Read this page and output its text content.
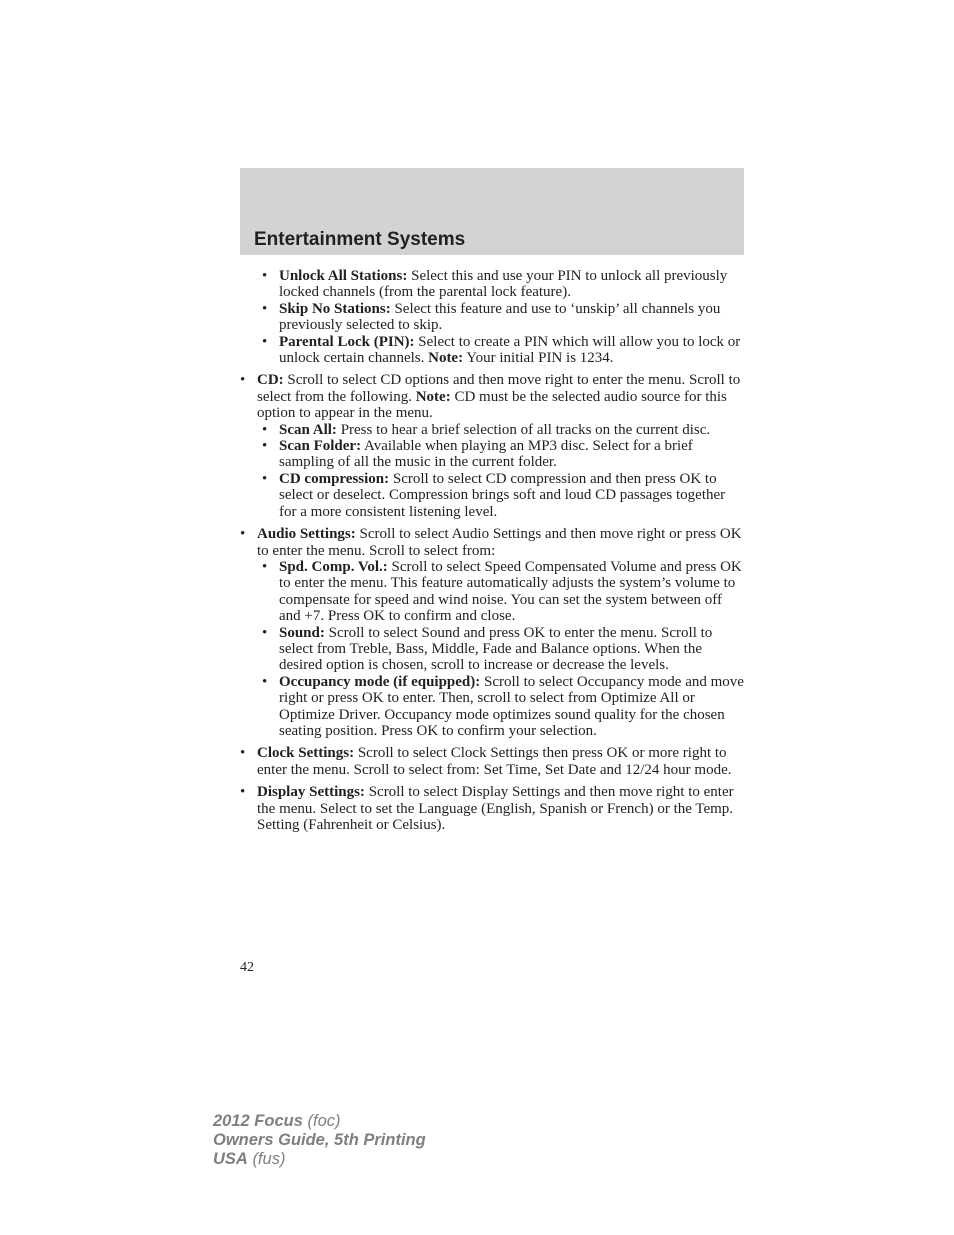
Entertainment Systems
• Unlock All Stations: Select this and use your PIN to unlock all previously locked channels (from the parental lock feature).
• Skip No Stations: Select this feature and use to ‘unskip’ all channels you previously selected to skip.
• Parental Lock (PIN): Select to create a PIN which will allow you to lock or unlock certain channels. Note: Your initial PIN is 1234.
• CD: Scroll to select CD options and then move right to enter the menu. Scroll to select from the following. Note: CD must be the selected audio source for this option to appear in the menu.
• Scan All: Press to hear a brief selection of all tracks on the current disc.
• Scan Folder: Available when playing an MP3 disc. Select for a brief sampling of all the music in the current folder.
• CD compression: Scroll to select CD compression and then press OK to select or deselect. Compression brings soft and loud CD passages together for a more consistent listening level.
• Audio Settings: Scroll to select Audio Settings and then move right or press OK to enter the menu. Scroll to select from:
• Spd. Comp. Vol.: Scroll to select Speed Compensated Volume and press OK to enter the menu. This feature automatically adjusts the system’s volume to compensate for speed and wind noise. You can set the system between off and +7. Press OK to confirm and close.
• Sound: Scroll to select Sound and press OK to enter the menu. Scroll to select from Treble, Bass, Middle, Fade and Balance options. When the desired option is chosen, scroll to increase or decrease the levels.
• Occupancy mode (if equipped): Scroll to select Occupancy mode and move right or press OK to enter. Then, scroll to select from Optimize All or Optimize Driver. Occupancy mode optimizes sound quality for the chosen seating position. Press OK to confirm your selection.
• Clock Settings: Scroll to select Clock Settings then press OK or more right to enter the menu. Scroll to select from: Set Time, Set Date and 12/24 hour mode.
• Display Settings: Scroll to select Display Settings and then move right to enter the menu. Select to set the Language (English, Spanish or French) or the Temp. Setting (Fahrenheit or Celsius).
42
2012 Focus (foc)
Owners Guide, 5th Printing
USA (fus)
